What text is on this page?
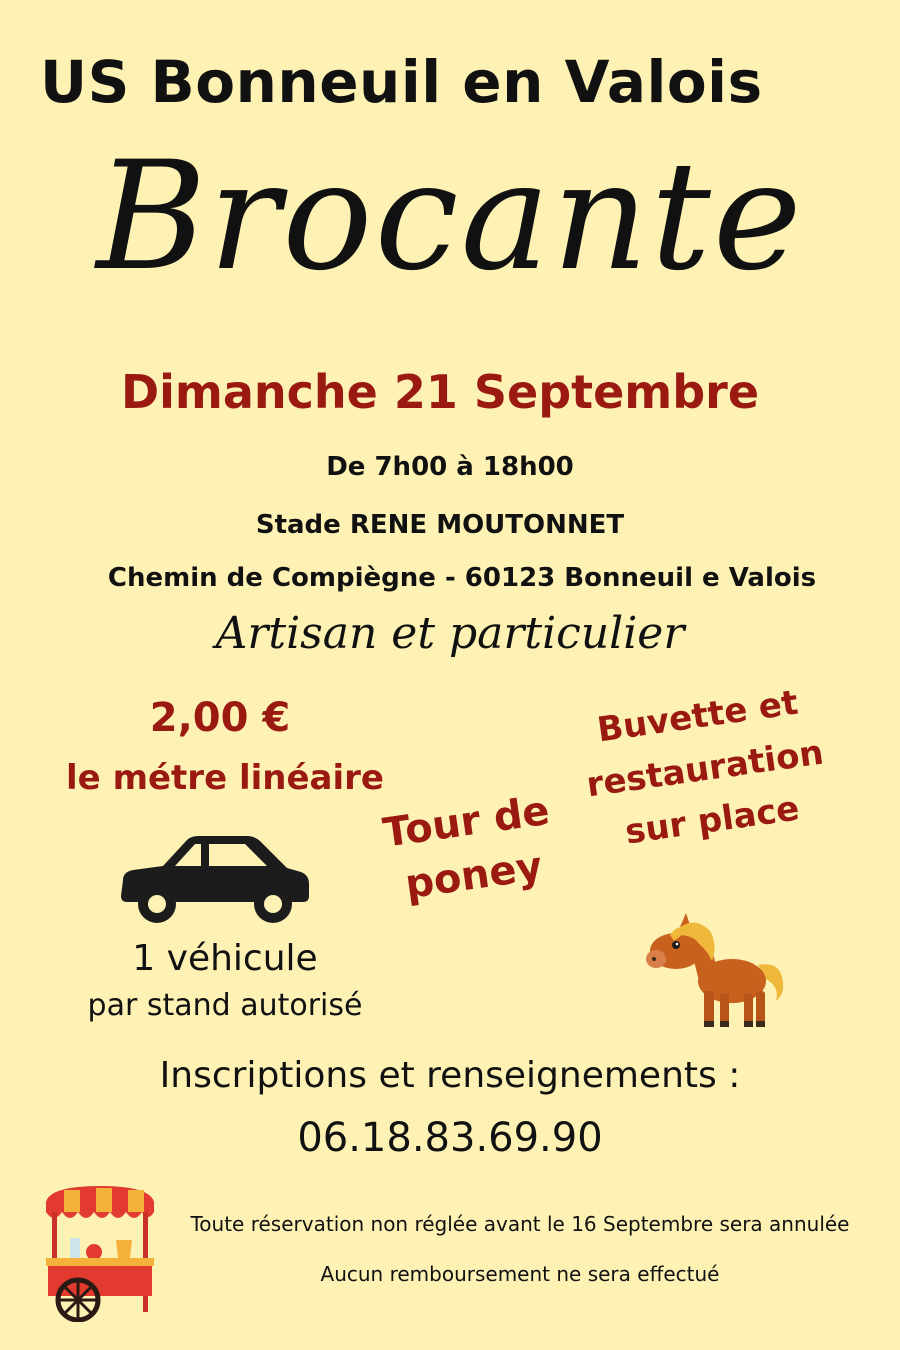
US Bonneuil en Valois
Brocante
Dimanche 21 Septembre
De 7h00 à 18h00
Stade RENE MOUTONNET
Chemin de Compiègne - 60123 Bonneuil e Valois
Artisan et particulier
2,00 €
le métre linéaire
1 véhicule
par stand autorisé
Tour de
poney
Buvette et
restauration
sur place
Inscriptions et renseignements :
06.18.83.69.90
Toute réservation non réglée avant le 16 Septembre sera annulée
Aucun remboursement ne sera effectué
